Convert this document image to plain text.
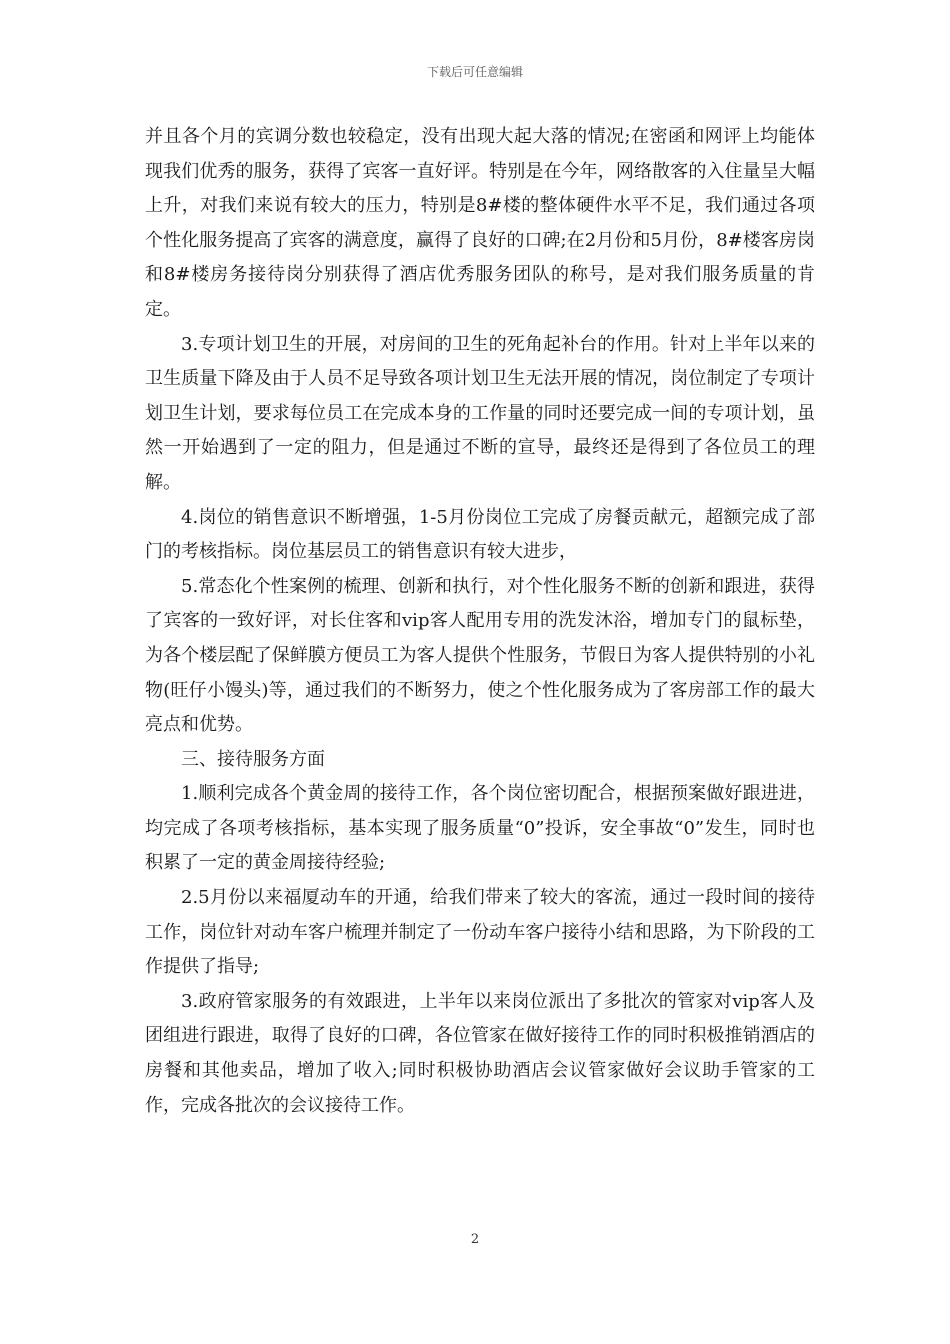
下载后可任意编辑

并且各个月的宾调分数也较稳定，没有出现大起大落的情况;在密函和网评上均能体现我们优秀的服务，获得了宾客一直好评。特别是在今年，网络散客的入住量呈大幅上升，对我们来说有较大的压力，特别是8#楼的整体硬件水平不足，我们通过各项个性化服务提高了宾客的满意度，赢得了良好的口碑;在2月份和5月份，8#楼客房岗和8#楼房务接待岗分别获得了酒店优秀服务团队的称号，是对我们服务质量的肯定。

3.专项计划卫生的开展，对房间的卫生的死角起补台的作用。针对上半年以来的卫生质量下降及由于人员不足导致各项计划卫生无法开展的情况，岗位制定了专项计划卫生计划，要求每位员工在完成本身的工作量的同时还要完成一间的专项计划，虽然一开始遇到了一定的阻力，但是通过不断的宣导，最终还是得到了各位员工的理解。

4.岗位的销售意识不断增强，1-5月份岗位工完成了房餐贡献元，超额完成了部门的考核指标。岗位基层员工的销售意识有较大进步，

5.常态化个性案例的梳理、创新和执行，对个性化服务不断的创新和跟进，获得了宾客的一致好评，对长住客和vip客人配用专用的洗发沐浴，增加专门的鼠标垫，为各个楼层配了保鲜膜方便员工为客人提供个性服务，节假日为客人提供特别的小礼物(旺仔小馒头)等，通过我们的不断努力，使之个性化服务成为了客房部工作的最大亮点和优势。

三、接待服务方面

1.顺利完成各个黄金周的接待工作，各个岗位密切配合，根据预案做好跟进进，均完成了各项考核指标，基本实现了服务质量“0”投诉，安全事故“0”发生，同时也积累了一定的黄金周接待经验;

2.5月份以来福厦动车的开通，给我们带来了较大的客流，通过一段时间的接待工作，岗位针对动车客户梳理并制定了一份动车客户接待小结和思路，为下阶段的工作提供了指导;

3.政府管家服务的有效跟进，上半年以来岗位派出了多批次的管家对vip客人及团组进行跟进，取得了良好的口碑，各位管家在做好接待工作的同时积极推销酒店的房餐和其他卖品，增加了收入;同时积极协助酒店会议管家做好会议助手管家的工作，完成各批次的会议接待工作。

2
